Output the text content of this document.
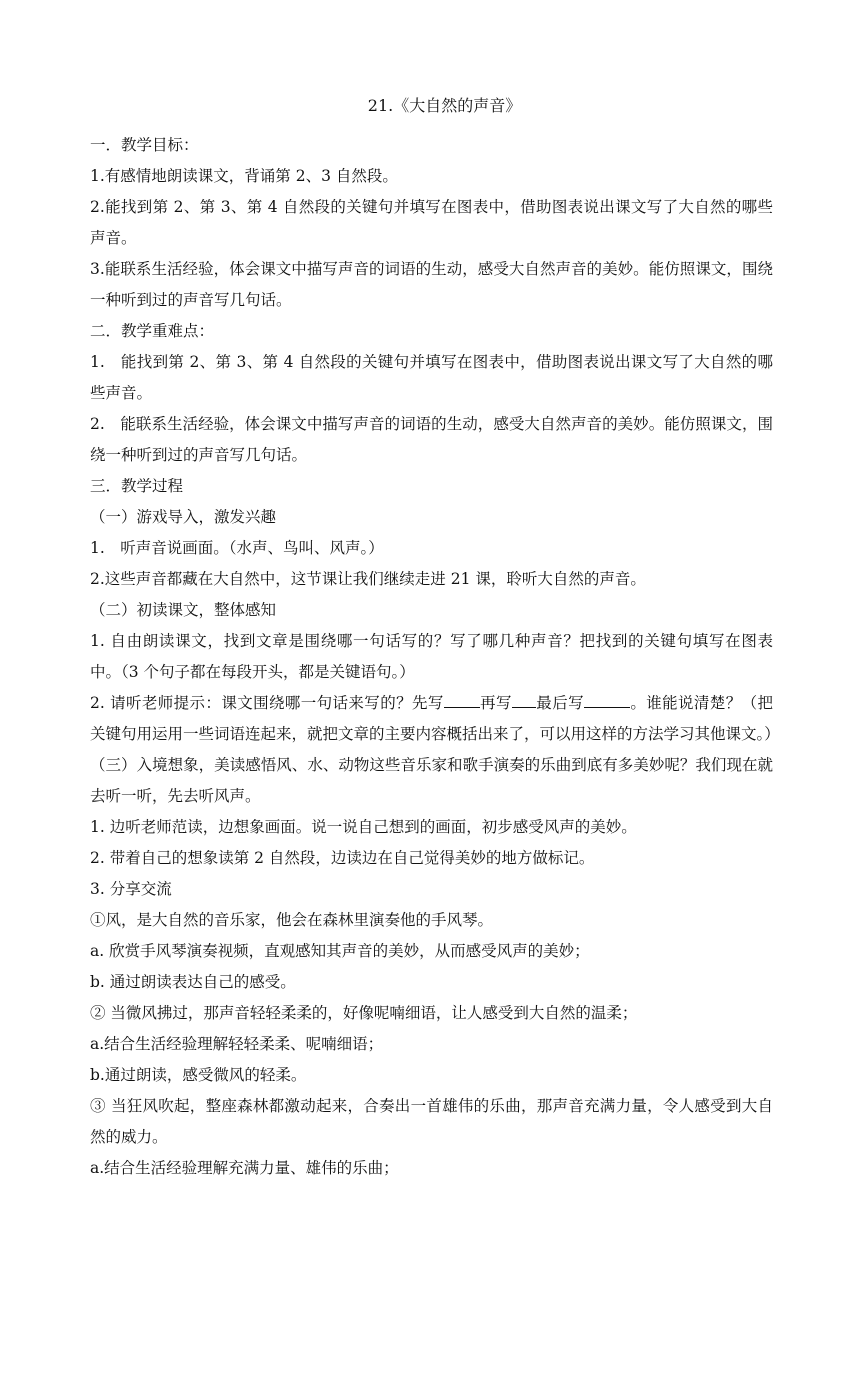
21.《大自然的声音》

一．教学目标：

1.有感情地朗读课文，背诵第 2、3 自然段。

2.能找到第 2、第 3、第 4 自然段的关键句并填写在图表中，借助图表说出课文写了大自然的哪些声音。

3.能联系生活经验，体会课文中描写声音的词语的生动，感受大自然声音的美妙。能仿照课文，围绕一种听到过的声音写几句话。

二．教学重难点：

1.　能找到第 2、第 3、第 4 自然段的关键句并填写在图表中，借助图表说出课文写了大自然的哪些声音。

2.　能联系生活经验，体会课文中描写声音的词语的生动，感受大自然声音的美妙。能仿照课文，围绕一种听到过的声音写几句话。

三．教学过程

（一）游戏导入，激发兴趣

1.　听声音说画面。（水声、鸟叫、风声。）

2.这些声音都藏在大自然中，这节课让我们继续走进 21 课，聆听大自然的声音。

（二）初读课文，整体感知

1. 自由朗读课文，找到文章是围绕哪一句话写的？写了哪几种声音？把找到的关键句填写在图表中。（3 个句子都在每段开头，都是关键语句。）

2. 请听老师提示：课文围绕哪一句话来写的？先写 再写 最后写	。谁能说清楚？（把关键句用运用一些词语连起来，就把文章的主要内容概括出来了，可以用这样的方法学习其他课文。）

（三）入境想象，美读感悟风、水、动物这些音乐家和歌手演奏的乐曲到底有多美妙呢？我们现在就去听一听，先去听风声。

1. 边听老师范读，边想象画面。说一说自己想到的画面，初步感受风声的美妙。

2. 带着自己的想象读第 2 自然段，边读边在自己觉得美妙的地方做标记。

3. 分享交流

①风，是大自然的音乐家，他会在森林里演奏他的手风琴。

a. 欣赏手风琴演奏视频，直观感知其声音的美妙，从而感受风声的美妙；

b. 通过朗读表达自己的感受。

② 当微风拂过，那声音轻轻柔柔的，好像呢喃细语，让人感受到大自然的温柔；

a.结合生活经验理解轻轻柔柔、呢喃细语；

b.通过朗读，感受微风的轻柔。

③ 当狂风吹起，整座森林都激动起来，合奏出一首雄伟的乐曲，那声音充满力量，令人感受到大自然的威力。

a.结合生活经验理解充满力量、雄伟的乐曲；
